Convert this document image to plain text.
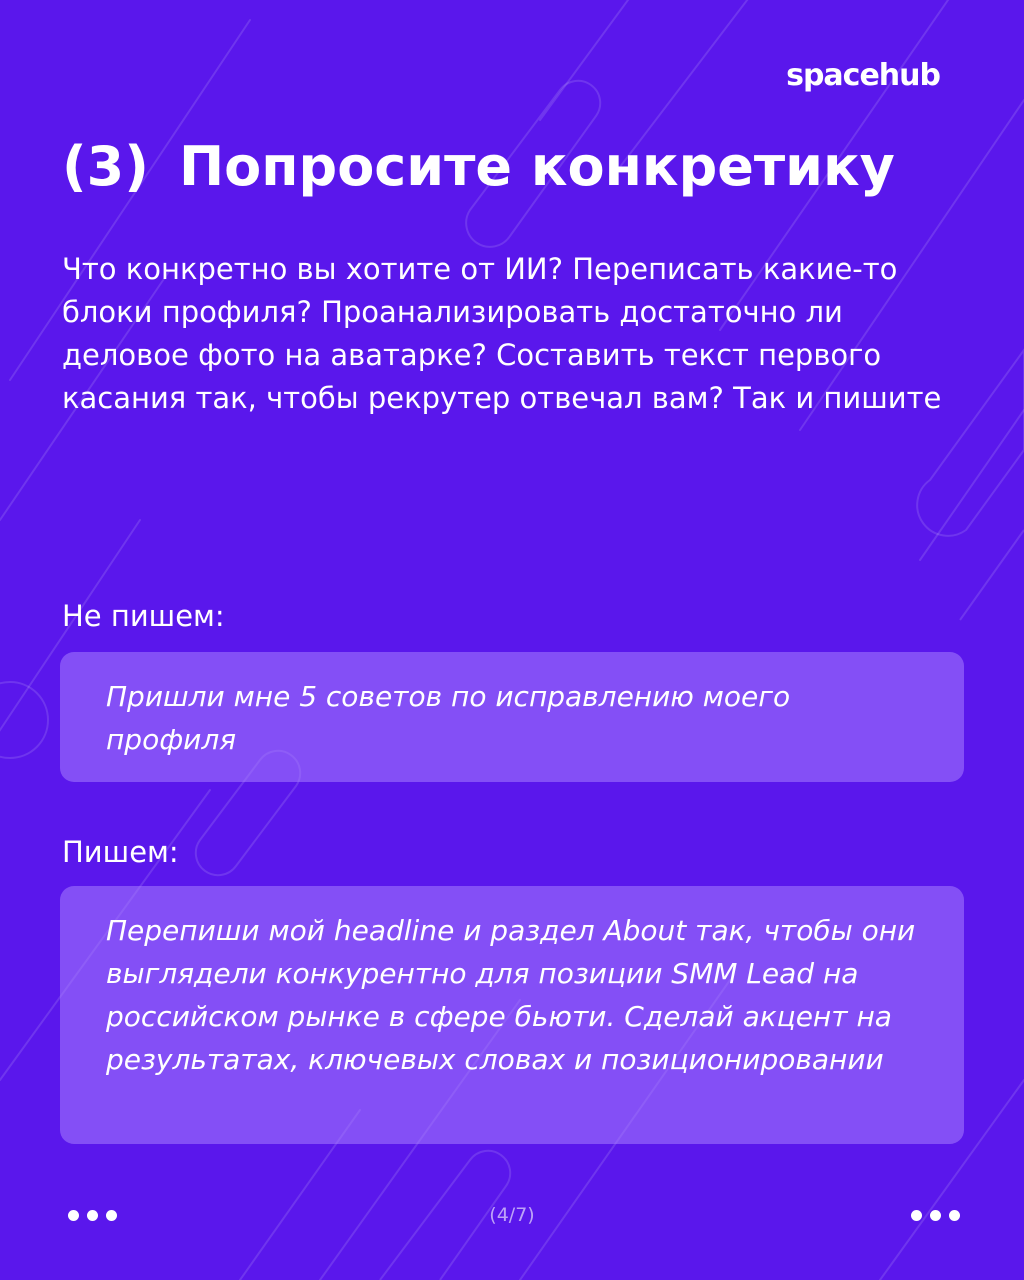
spacehub
(3) Попросите конкретику

Что конкретно вы хотите от ИИ? Переписать какие-то блоки профиля? Проанализировать достаточно ли деловое фото на аватарке? Составить текст первого касания так, чтобы рекрутер отвечал вам? Так и пишите

Не пишем:

Пришли мне 5 советов по исправлению моего профиля

Пишем:

Перепиши мой headline и раздел About так, чтобы они выглядели конкурентно для позиции SMM Lead на российском рынке в сфере бьюти. Сделай акцент на результатах, ключевых словах и позиционировании

(4/7)
